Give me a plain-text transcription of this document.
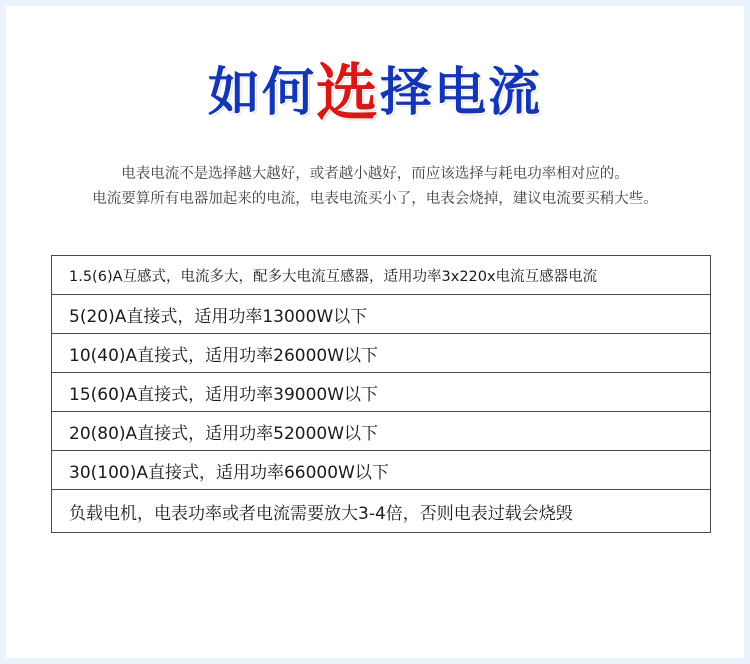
如何选择电流
电表电流不是选择越大越好，或者越小越好，而应该选择与耗电功率相对应的。
电流要算所有电器加起来的电流，电表电流买小了，电表会烧掉，建议电流要买稍大些。
1.5(6)A互感式，电流多大，配多大电流互感器，适用功率3x220x电流互感器电流
5(20)A直接式，适用功率13000W以下
10(40)A直接式，适用功率26000W以下
15(60)A直接式，适用功率39000W以下
20(80)A直接式，适用功率52000W以下
30(100)A直接式，适用功率66000W以下
负载电机，电表功率或者电流需要放大3-4倍，否则电表过载会烧毁
